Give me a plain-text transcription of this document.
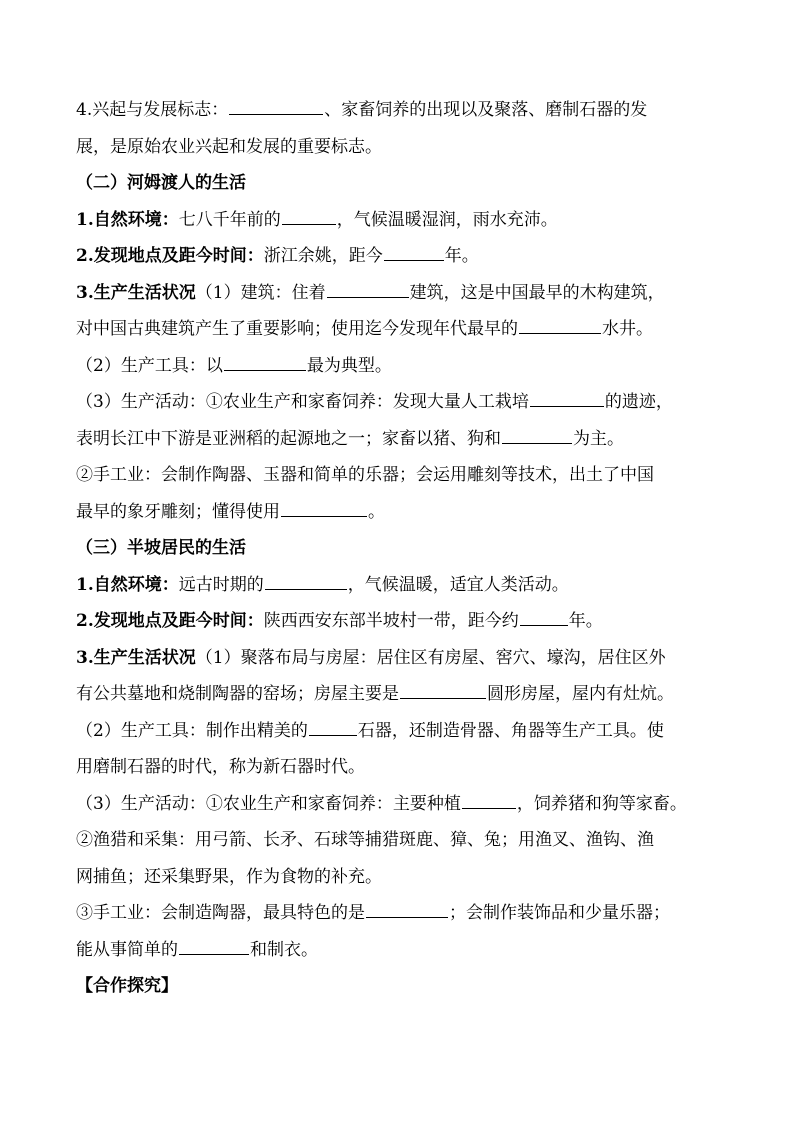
4.兴起与发展标志：	、家畜饲养的出现以及聚落、磨制石器的发

展，是原始农业兴起和发展的重要标志。

（二）河姆渡人的生活

1.自然环境：七八千年前的	，气候温暖湿润，雨水充沛。

2.发现地点及距今时间：浙江余姚，距今	年。

3.生产生活状况（1）建筑：住着	建筑，这是中国最早的木构建筑，

对中国古典建筑产生了重要影响；使用迄今发现年代最早的	水井。

（2）生产工具：以	最为典型。

（3）生产活动：①农业生产和家畜饲养：发现大量人工栽培	的遗迹，

表明长江中下游是亚洲稻的起源地之一；家畜以猪、狗和	为主。

②手工业：会制作陶器、玉器和简单的乐器；会运用雕刻等技术，出土了中国

最早的象牙雕刻；懂得使用	。

（三）半坡居民的生活

1.自然环境：远古时期的	，气候温暖，适宜人类活动。

2.发现地点及距今时间：陕西西安东部半坡村一带，距今约	年。

3.生产生活状况（1）聚落布局与房屋：居住区有房屋、窖穴、壕沟，居住区外

有公共墓地和烧制陶器的窑场；房屋主要是	圆形房屋，屋内有灶炕。

（2）生产工具：制作出精美的	石器，还制造骨器、角器等生产工具。使

用磨制石器的时代，称为新石器时代。

（3）生产活动：①农业生产和家畜饲养：主要种植	，饲养猪和狗等家畜。

②渔猎和采集：用弓箭、长矛、石球等捕猎斑鹿、獐、兔；用渔叉、渔钩、渔

网捕鱼；还采集野果，作为食物的补充。

③手工业：会制造陶器，最具特色的是	；会制作装饰品和少量乐器；

能从事简单的	和制衣。

【合作探究】
